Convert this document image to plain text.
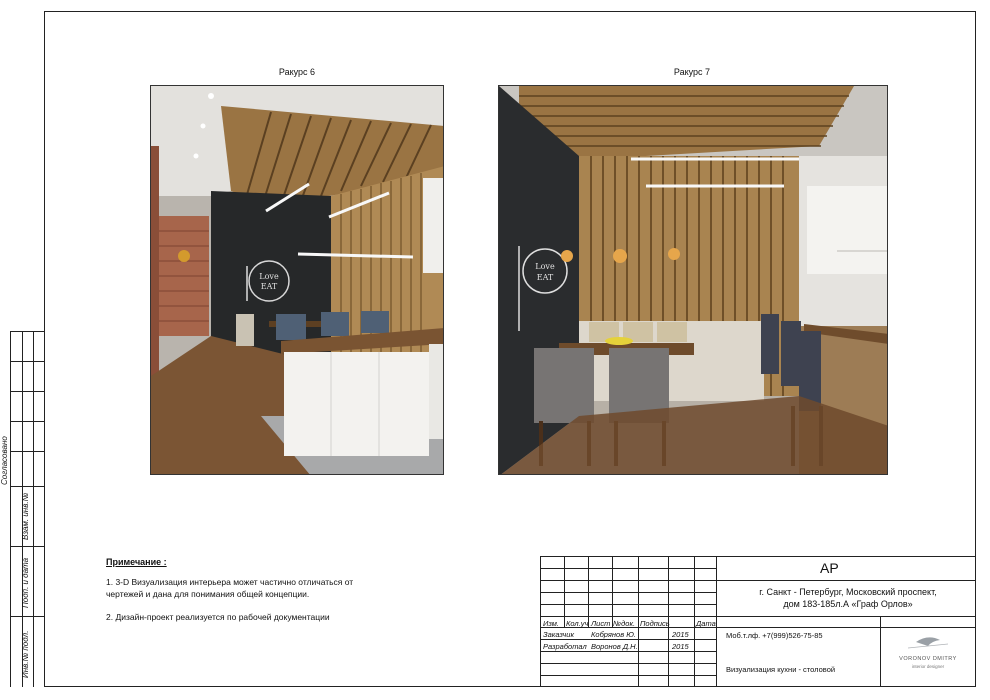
Согласовано
Взам. инв.№
Подп. и дата
Инв.№ подл.
Ракурс 6	Ракурс 7
Love
EAT
Love
EAT
Примечание :
1. 3-D Визуализация интерьера может частично отличаться от чертежей и дана для понимания общей концепции.
2. Дизайн-проект реализуется по рабочей документации
АР
г. Санкт - Петербург, Московский проспект,
дом 183-185л.А «Граф Орлов»
Изм. Кол.уч Лист №док. Подпись	Дата
Заказчик Кобрянов Ю.	2015
Разработал Воронов Д.Н.	2015
Моб.т.лф. +7(999)526-75-85
Визуализация кухни - столовой
VORONOV DMITRY
interior designer
